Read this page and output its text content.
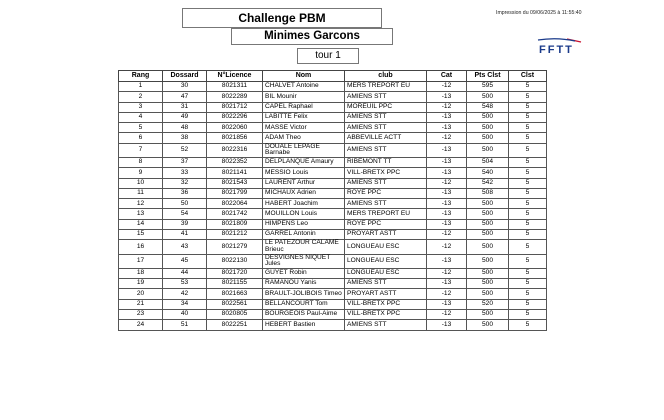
Challenge PBM
Minimes Garcons
tour 1
Impression du 09/06/2025 à 11:55:40
FFTT
Rang	Dossard	N°Licence	Nom	club	Cat	Pts Clst	Clst
1	30	8021311	CHALVET Antoine	MERS TREPORT EU	-12	595	5
2	47	8022289	BIL Mounir	AMIENS STT	-13	500	5
3	31	8021712	CAPEL Raphael	MOREUIL PPC	-12	548	5
4	49	8022296	LABITTE Felix	AMIENS STT	-13	500	5
5	48	8022060	MASSE Victor	AMIENS STT	-13	500	5
6	38	8021856	ADAM Theo	ABBEVILLE ACTT	-12	500	5
7	52	8022316	DOUALE LEPAGE Barnabe	AMIENS STT	-13	500	5
8	37	8022352	DELPLANQUE Amaury	RIBEMONT TT	-13	504	5
9	33	8021141	MESSIO Louis	VILL-BRETX PPC	-13	540	5
10	32	8021543	LAURENT Arthur	AMIENS STT	-12	542	5
11	36	8021799	MICHAUX Adrien	ROYE PPC	-13	508	5
12	50	8022064	HABERT Joachim	AMIENS STT	-13	500	5
13	54	8021742	MOUILLON Louis	MERS TREPORT EU	-13	500	5
14	39	8021809	HIMPENS Leo	ROYE PPC	-13	500	5
15	41	8021212	GARREL Antonin	PROYART ASTT	-12	500	5
16	43	8021279	LE PATEZOUR CALAME Brieuc	LONGUEAU ESC	-12	500	5
17	45	8022130	DESVIGNES NIQUET Jules	LONGUEAU ESC	-13	500	5
18	44	8021720	GUYET Robin	LONGUEAU ESC	-12	500	5
19	53	8021155	RAMANOU Yanis	AMIENS STT	-13	500	5
20	42	8021663	BRAULT-JOLIBOIS Timeo	PROYART ASTT	-12	500	5
21	34	8022561	BELLANCOURT Tom	VILL-BRETX PPC	-13	520	5
23	40	8020805	BOURGEOIS Paul-Aime	VILL-BRETX PPC	-12	500	5
24	51	8022251	HEBERT Bastien	AMIENS STT	-13	500	5
